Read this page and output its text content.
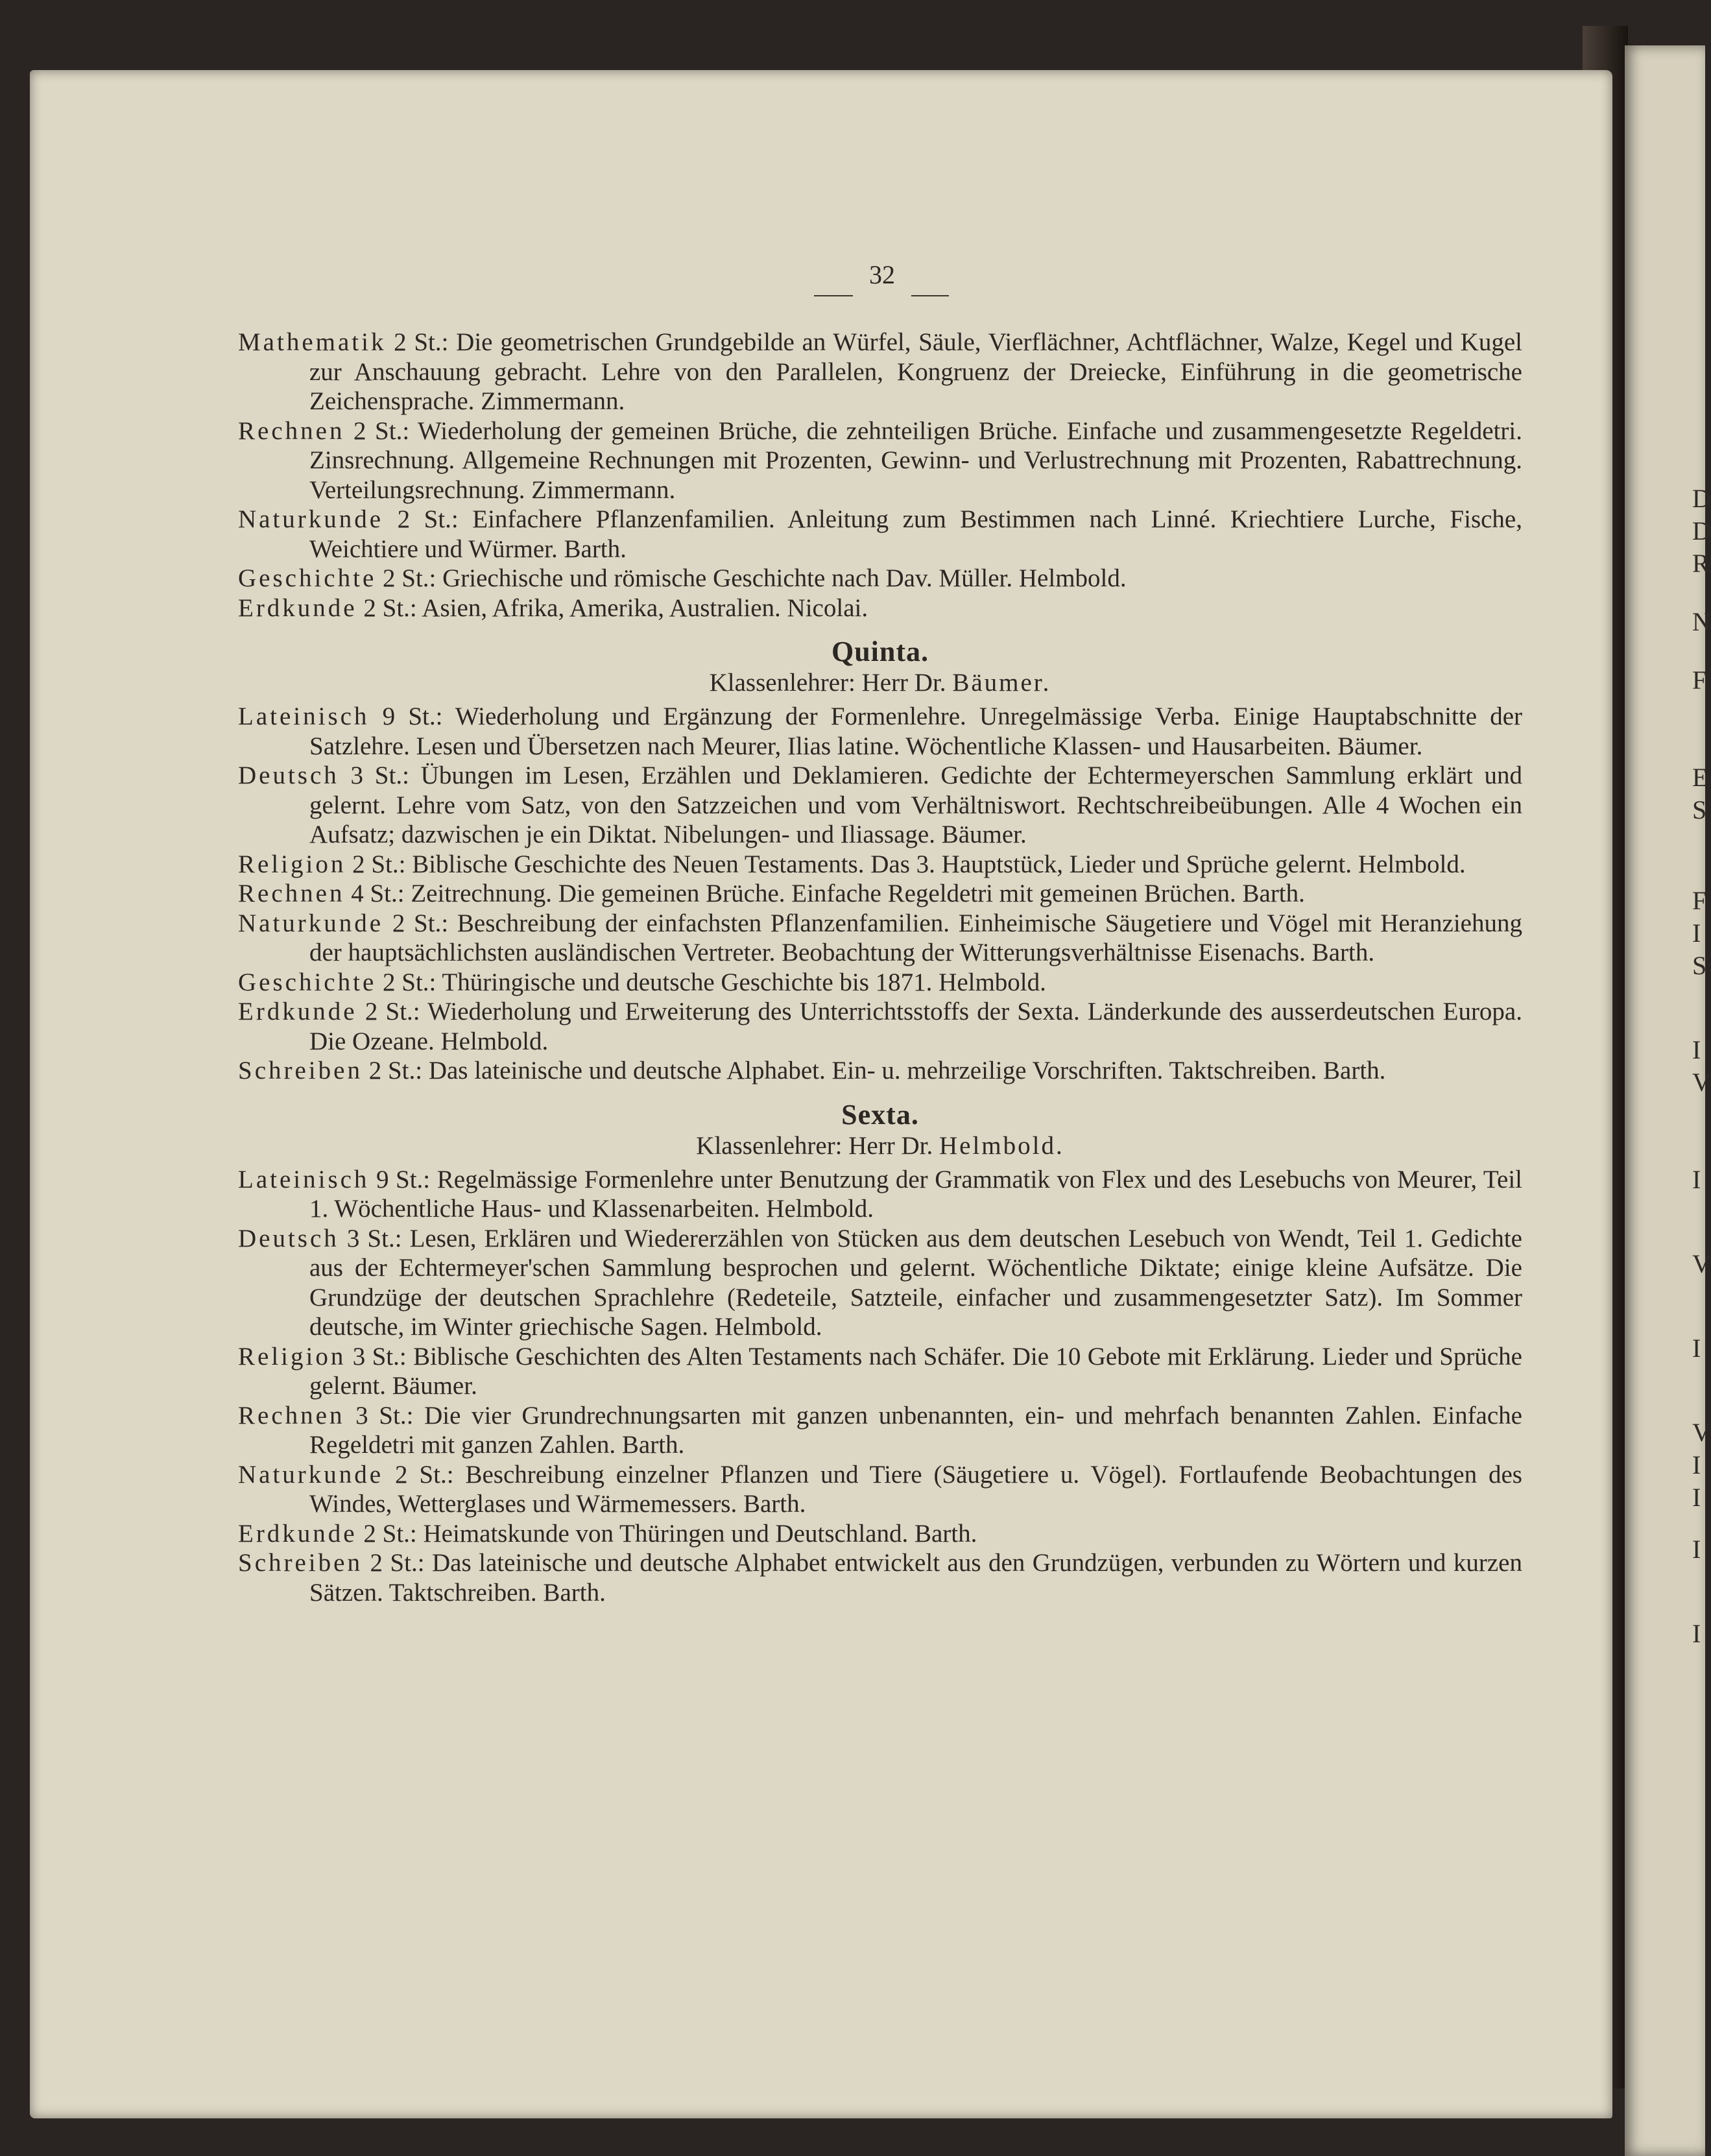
D
D
R
N
F
E
S
F
I
S
I
V
I
V
I
V
I
I
I
I
32
Mathematik 2 St.: Die geometrischen Grundgebilde an Würfel, Säule, Vierflächner, Achtflächner, Walze, Kegel und Kugel zur Anschauung gebracht. Lehre von den Parallelen, Kongruenz der Dreiecke, Einführung in die geometrische Zeichensprache. Zimmermann.
Rechnen 2 St.: Wiederholung der gemeinen Brüche, die zehnteiligen Brüche. Einfache und zusammengesetzte Regeldetri. Zinsrechnung. Allgemeine Rechnungen mit Prozenten, Gewinn- und Verlustrechnung mit Prozenten, Rabattrechnung. Verteilungsrechnung. Zimmermann.
Naturkunde 2 St.: Einfachere Pflanzenfamilien. Anleitung zum Bestimmen nach Linné. Kriechtiere Lurche, Fische, Weichtiere und Würmer. Barth.
Geschichte 2 St.: Griechische und römische Geschichte nach Dav. Müller. Helmbold.
Erdkunde 2 St.: Asien, Afrika, Amerika, Australien. Nicolai.
Quinta.
Klassenlehrer: Herr Dr. Bäumer.
Lateinisch 9 St.: Wiederholung und Ergänzung der Formenlehre. Unregelmässige Verba. Einige Hauptabschnitte der Satzlehre. Lesen und Übersetzen nach Meurer, Ilias latine. Wöchentliche Klassen- und Hausarbeiten. Bäumer.
Deutsch 3 St.: Übungen im Lesen, Erzählen und Deklamieren. Gedichte der Echtermeyerschen Sammlung erklärt und gelernt. Lehre vom Satz, von den Satzzeichen und vom Verhältniswort. Rechtschreibeübungen. Alle 4 Wochen ein Aufsatz; dazwischen je ein Diktat. Nibelungen- und Iliassage. Bäumer.
Religion 2 St.: Biblische Geschichte des Neuen Testaments. Das 3. Hauptstück, Lieder und Sprüche gelernt. Helmbold.
Rechnen 4 St.: Zeitrechnung. Die gemeinen Brüche. Einfache Regeldetri mit gemeinen Brüchen. Barth.
Naturkunde 2 St.: Beschreibung der einfachsten Pflanzenfamilien. Einheimische Säugetiere und Vögel mit Heranziehung der hauptsächlichsten ausländischen Vertreter. Beobachtung der Witterungsverhältnisse Eisenachs. Barth.
Geschichte 2 St.: Thüringische und deutsche Geschichte bis 1871. Helmbold.
Erdkunde 2 St.: Wiederholung und Erweiterung des Unterrichtsstoffs der Sexta. Länderkunde des ausserdeutschen Europa. Die Ozeane. Helmbold.
Schreiben 2 St.: Das lateinische und deutsche Alphabet. Ein- u. mehrzeilige Vorschriften. Taktschreiben. Barth.
Sexta.
Klassenlehrer: Herr Dr. Helmbold.
Lateinisch 9 St.: Regelmässige Formenlehre unter Benutzung der Grammatik von Flex und des Lesebuchs von Meurer, Teil 1. Wöchentliche Haus- und Klassenarbeiten. Helmbold.
Deutsch 3 St.: Lesen, Erklären und Wiedererzählen von Stücken aus dem deutschen Lesebuch von Wendt, Teil 1. Gedichte aus der Echtermeyer'schen Sammlung besprochen und gelernt. Wöchentliche Diktate; einige kleine Aufsätze. Die Grundzüge der deutschen Sprachlehre (Redeteile, Satzteile, einfacher und zusammengesetzter Satz). Im Sommer deutsche, im Winter griechische Sagen. Helmbold.
Religion 3 St.: Biblische Geschichten des Alten Testaments nach Schäfer. Die 10 Gebote mit Erklärung. Lieder und Sprüche gelernt. Bäumer.
Rechnen 3 St.: Die vier Grundrechnungsarten mit ganzen unbenannten, ein- und mehrfach benannten Zahlen. Einfache Regeldetri mit ganzen Zahlen. Barth.
Naturkunde 2 St.: Beschreibung einzelner Pflanzen und Tiere (Säugetiere u. Vögel). Fortlaufende Beobachtungen des Windes, Wetterglases und Wärmemessers. Barth.
Erdkunde 2 St.: Heimatskunde von Thüringen und Deutschland. Barth.
Schreiben 2 St.: Das lateinische und deutsche Alphabet entwickelt aus den Grundzügen, verbunden zu Wörtern und kurzen Sätzen. Taktschreiben. Barth.
